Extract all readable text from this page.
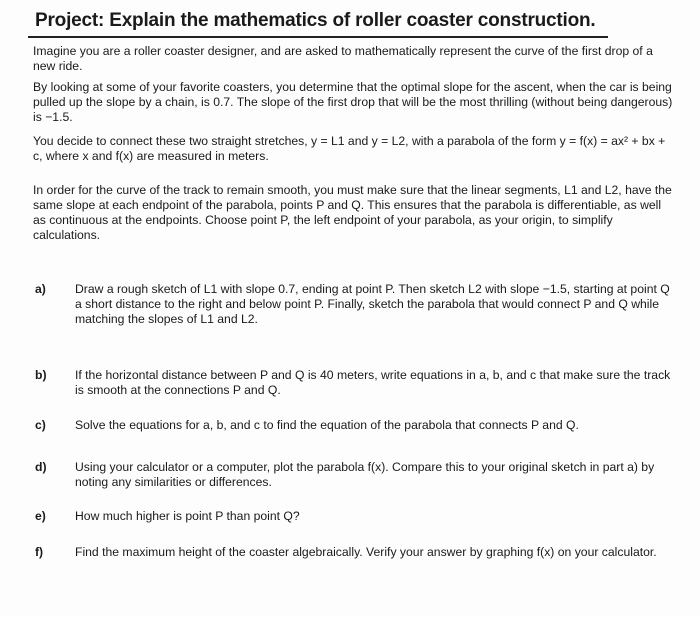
Project: Explain the mathematics of roller coaster construction.
Imagine you are a roller coaster designer, and are asked to mathematically represent the curve of the first drop of a new ride.
By looking at some of your favorite coasters, you determine that the optimal slope for the ascent, when the car is being pulled up the slope by a chain, is 0.7. The slope of the first drop that will be the most thrilling (without being dangerous) is −1.5.
You decide to connect these two straight stretches, y = L1 and y = L2, with a parabola of the form y = f(x) = ax² + bx + c, where x and f(x) are measured in meters.
In order for the curve of the track to remain smooth, you must make sure that the linear segments, L1 and L2, have the same slope at each endpoint of the parabola, points P and Q. This ensures that the parabola is differentiable, as well as continuous at the endpoints. Choose point P, the left endpoint of your parabola, as your origin, to simplify calculations.
a) Draw a rough sketch of L1 with slope 0.7, ending at point P. Then sketch L2 with slope −1.5, starting at point Q a short distance to the right and below point P. Finally, sketch the parabola that would connect P and Q while matching the slopes of L1 and L2.
b) If the horizontal distance between P and Q is 40 meters, write equations in a, b, and c that make sure the track is smooth at the connections P and Q.
c) Solve the equations for a, b, and c to find the equation of the parabola that connects P and Q.
d) Using your calculator or a computer, plot the parabola f(x). Compare this to your original sketch in part a) by noting any similarities or differences.
e) How much higher is point P than point Q?
f)	Find the maximum height of the coaster algebraically. Verify your answer by graphing f(x) on your calculator.
